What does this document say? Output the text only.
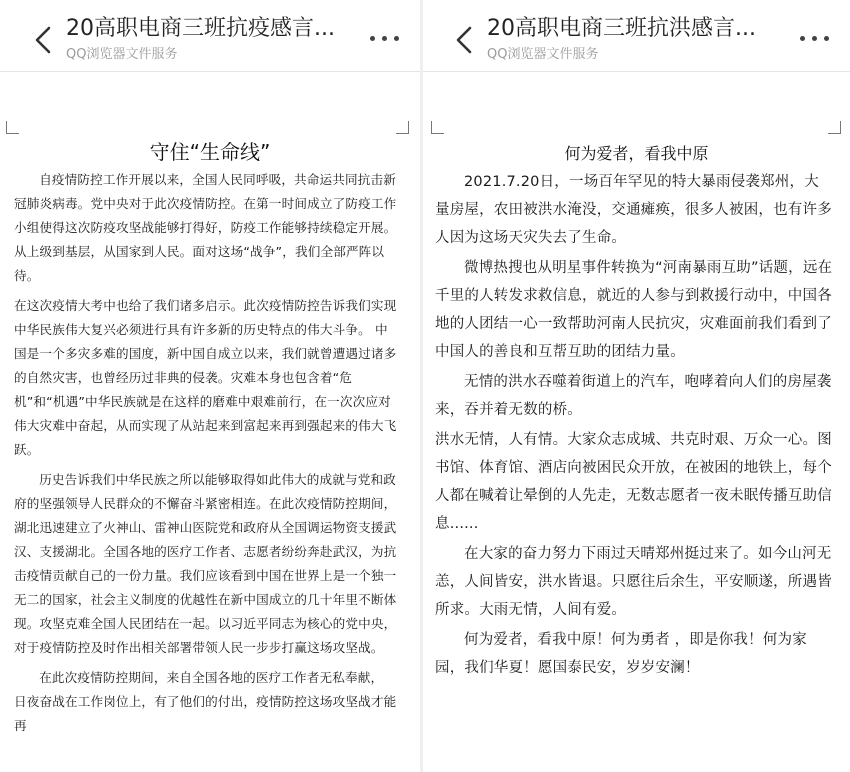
20高职电商三班抗疫感言...
QQ浏览器文件服务
守住“生命线”

自疫情防控工作开展以来，全国人民同呼吸，共命运共同抗击新冠肺炎病毒。党中央对于此次疫情防控。在第一时间成立了防疫工作小组使得这次防疫攻坚战能够打得好，防疫工作能够持续稳定开展。从上级到基层，从国家到人民。面对这场“战争”，我们全部严阵以待。

在这次疫情大考中也给了我们诸多启示。此次疫情防控告诉我们实现中华民族伟大复兴必须进行具有许多新的历史特点的伟大斗争。 中国是一个多灾多难的国度，新中国自成立以来，我们就曾遭遇过诸多的自然灾害，也曾经历过非典的侵袭。灾难本身也包含着“危机”和“机遇”中华民族就是在这样的磨难中艰难前行，在一次次应对伟大灾难中奋起，从而实现了从站起来到富起来再到强起来的伟大飞跃。

历史告诉我们中华民族之所以能够取得如此伟大的成就与党和政府的坚强领导人民群众的不懈奋斗紧密相连。在此次疫情防控期间，湖北迅速建立了火神山、雷神山医院党和政府从全国调运物资支援武汉、支援湖北。全国各地的医疗工作者、志愿者纷纷奔赴武汉，为抗击疫情贡献自己的一份力量。我们应该看到中国在世界上是一个独一无二的国家，社会主义制度的优越性在新中国成立的几十年里不断体现。攻坚克难全国人民团结在一起。以习近平同志为核心的党中央，对于疫情防控及时作出相关部署带领人民一步步打赢这场攻坚战。

在此次疫情防控期间，来自全国各地的医疗工作者无私奉献， 日夜奋战在工作岗位上，有了他们的付出，疫情防控这场攻坚战才能再

20高职电商三班抗洪感言...
QQ浏览器文件服务
何为爱者，看我中原

2021.7.20日，一场百年罕见的特大暴雨侵袭郑州，大量房屋，农田被洪水淹没，交通瘫痪，很多人被困，也有许多人因为这场天灾失去了生命。

微博热搜也从明星事件转换为“河南暴雨互助”话题，远在千里的人转发求救信息，就近的人参与到救援行动中，中国各地的人团结一心一致帮助河南人民抗灾，灾难面前我们看到了中国人的善良和互帮互助的团结力量。

无情的洪水吞噬着街道上的汽车，咆哮着向人们的房屋袭来，吞并着无数的桥。

洪水无情，人有情。大家众志成城、共克时艰、万众一心。图书馆、体育馆、酒店向被困民众开放，在被困的地铁上，每个人都在喊着让晕倒的人先走，无数志愿者一夜未眠传播互助信息......

在大家的奋力努力下雨过天晴郑州挺过来了。如今山河无恙，人间皆安，洪水皆退。只愿往后余生，平安顺遂，所遇皆所求。大雨无情，人间有爱。

何为爱者，看我中原！何为勇者 ，即是你我！何为家园，我们华夏！愿国泰民安，岁岁安澜！
